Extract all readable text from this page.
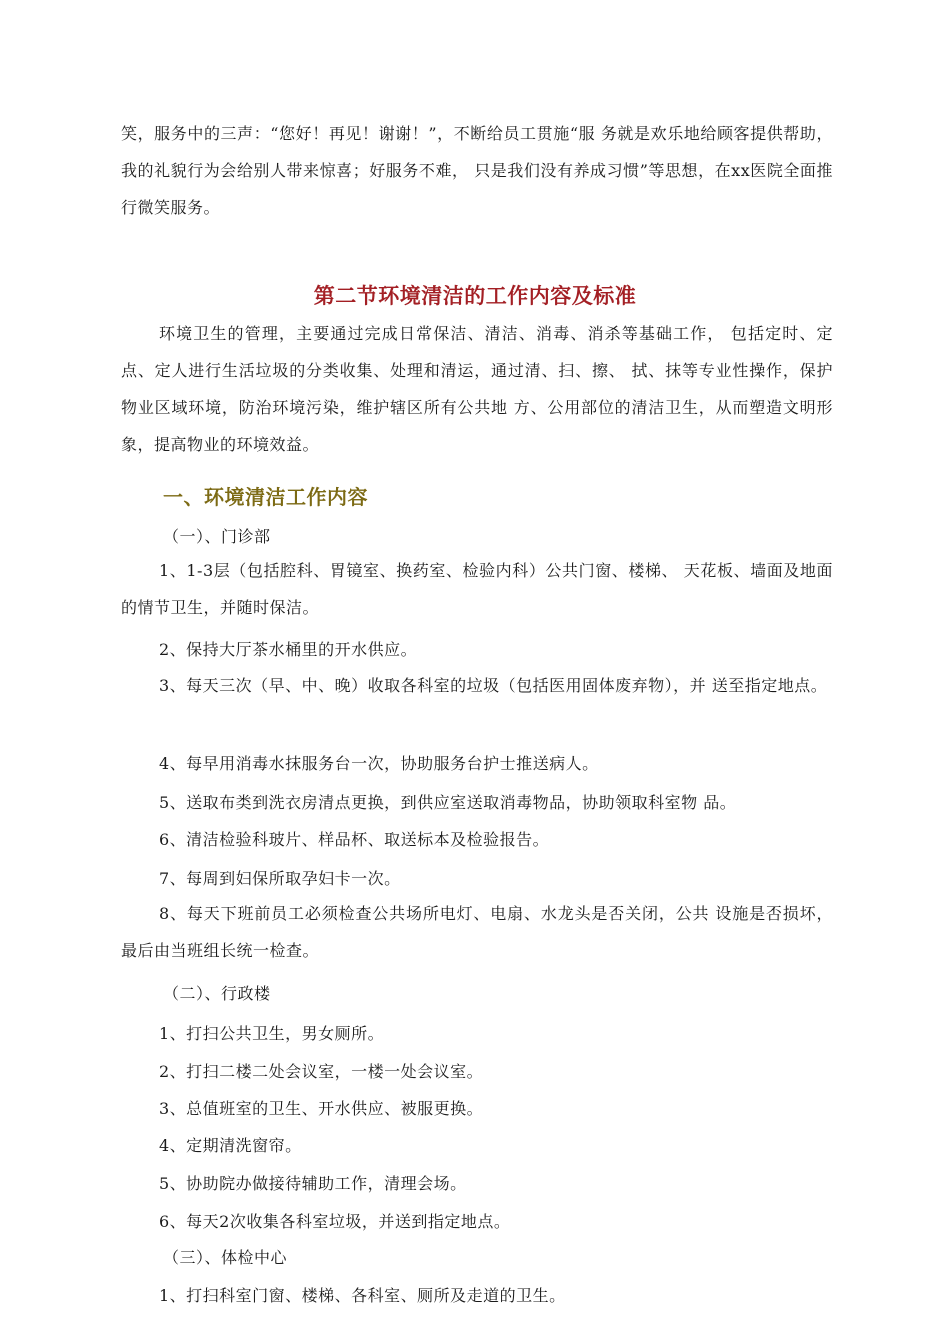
笑，服务中的三声：“您好！再见！谢谢！”，不断给员工贯施“服 务就是欢乐地给顾客提供帮助，我的礼貌行为会给别人带来惊喜；好服务不难， 只是我们没有养成习惯”等思想，在xx医院全面推行微笑服务。

第二节环境清洁的工作内容及标准

环境卫生的管理，主要通过完成日常保洁、清洁、消毒、消杀等基础工作， 包括定时、定点、定人进行生活垃圾的分类收集、处理和清运，通过清、扫、擦、 拭、抹等专业性操作，保护物业区域环境，防治环境污染，维护辖区所有公共地 方、公用部位的清洁卫生，从而塑造文明形象，提高物业的环境效益。

一、环境清洁工作内容
（一）、门诊部

1、1-3层（包括腔科、胃镜室、换药室、检验内科）公共门窗、楼梯、 天花板、墙面及地面的情节卫生，并随时保洁。

2、保持大厅茶水桶里的开水供应。

3、每天三次（早、中、晚）收取各科室的垃圾（包括医用固体废弃物），并 送至指定地点。

4、每早用消毒水抹服务台一次，协助服务台护士推送病人。
5、送取布类到洗衣房清点更换，到供应室送取消毒物品，协助领取科室物 品。
6、清洁检验科玻片、样品杯、取送标本及检验报告。
7、每周到妇保所取孕妇卡一次。

8、每天下班前员工必须检查公共场所电灯、电扇、水龙头是否关闭，公共 设施是否损坏，最后由当班组长统一检查。

（二）、行政楼
1、打扫公共卫生，男女厕所。
2、打扫二楼二处会议室，一楼一处会议室。
3、总值班室的卫生、开水供应、被服更换。
4、定期清洗窗帘。
5、协助院办做接待辅助工作，清理会场。
6、每天2次收集各科室垃圾，并送到指定地点。
（三）、体检中心
1、打扫科室门窗、楼梯、各科室、厕所及走道的卫生。
